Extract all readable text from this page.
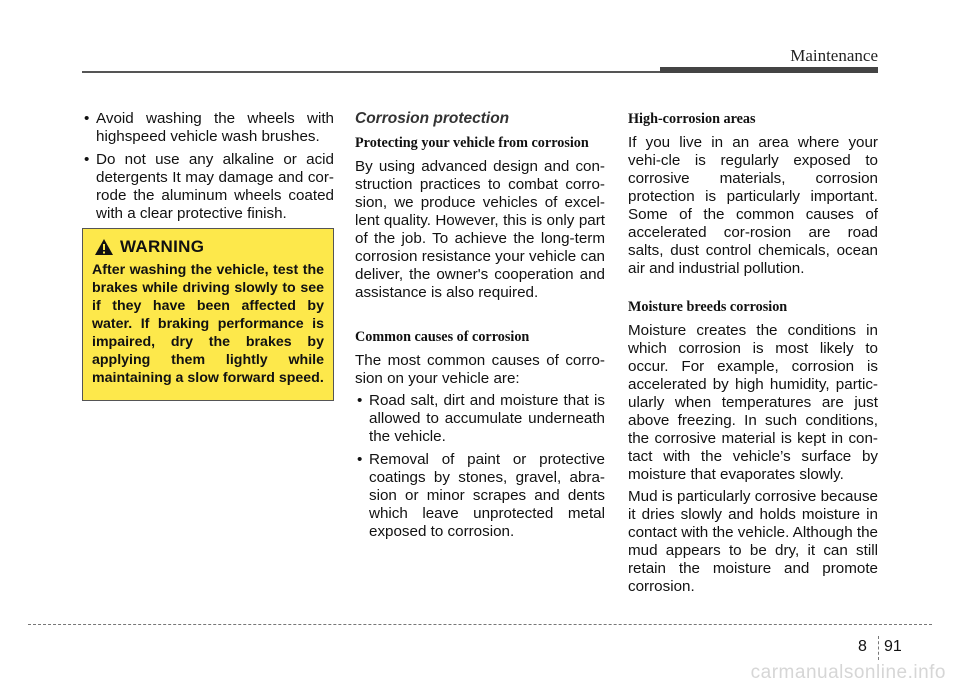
Maintenance
• Avoid washing the wheels with highspeed vehicle wash brushes.
• Do not use any alkaline or acid detergents It may damage and cor-rode the aluminum wheels coated with a clear protective finish.
WARNING
After washing the vehicle, test the brakes while driving slowly to see if they have been affected by water. If braking performance is impaired, dry the brakes by applying them lightly while maintaining a slow forward speed.
Corrosion protection
Protecting your vehicle from corrosion
By using advanced design and con-struction practices to combat corro-sion, we produce vehicles of excel-lent quality. However, this is only part of the job. To achieve the long-term corrosion resistance your vehicle can deliver, the owner's cooperation and assistance is also required.
Common causes of corrosion
The most common causes of corro-sion on your vehicle are:
• Road salt, dirt and moisture that is allowed to accumulate underneath the vehicle.
• Removal of paint or protective coatings by stones, gravel, abra-sion or minor scrapes and dents which leave unprotected metal exposed to corrosion.
High-corrosion areas
If you live in an area where your vehi-cle is regularly exposed to corrosive materials, corrosion protection is particularly important. Some of the common causes of accelerated cor-rosion are road salts, dust control chemicals, ocean air and industrial pollution.
Moisture breeds corrosion
Moisture creates the conditions in which corrosion is most likely to occur. For example, corrosion is accelerated by high humidity, partic-ularly when temperatures are just above freezing. In such conditions, the corrosive material is kept in con-tact with the vehicle’s surface by moisture that evaporates slowly.
Mud is particularly corrosive because it dries slowly and holds moisture in contact with the vehicle. Although the mud appears to be dry, it can still retain the moisture and promote corrosion.
8 91
carmanualsonline.info
